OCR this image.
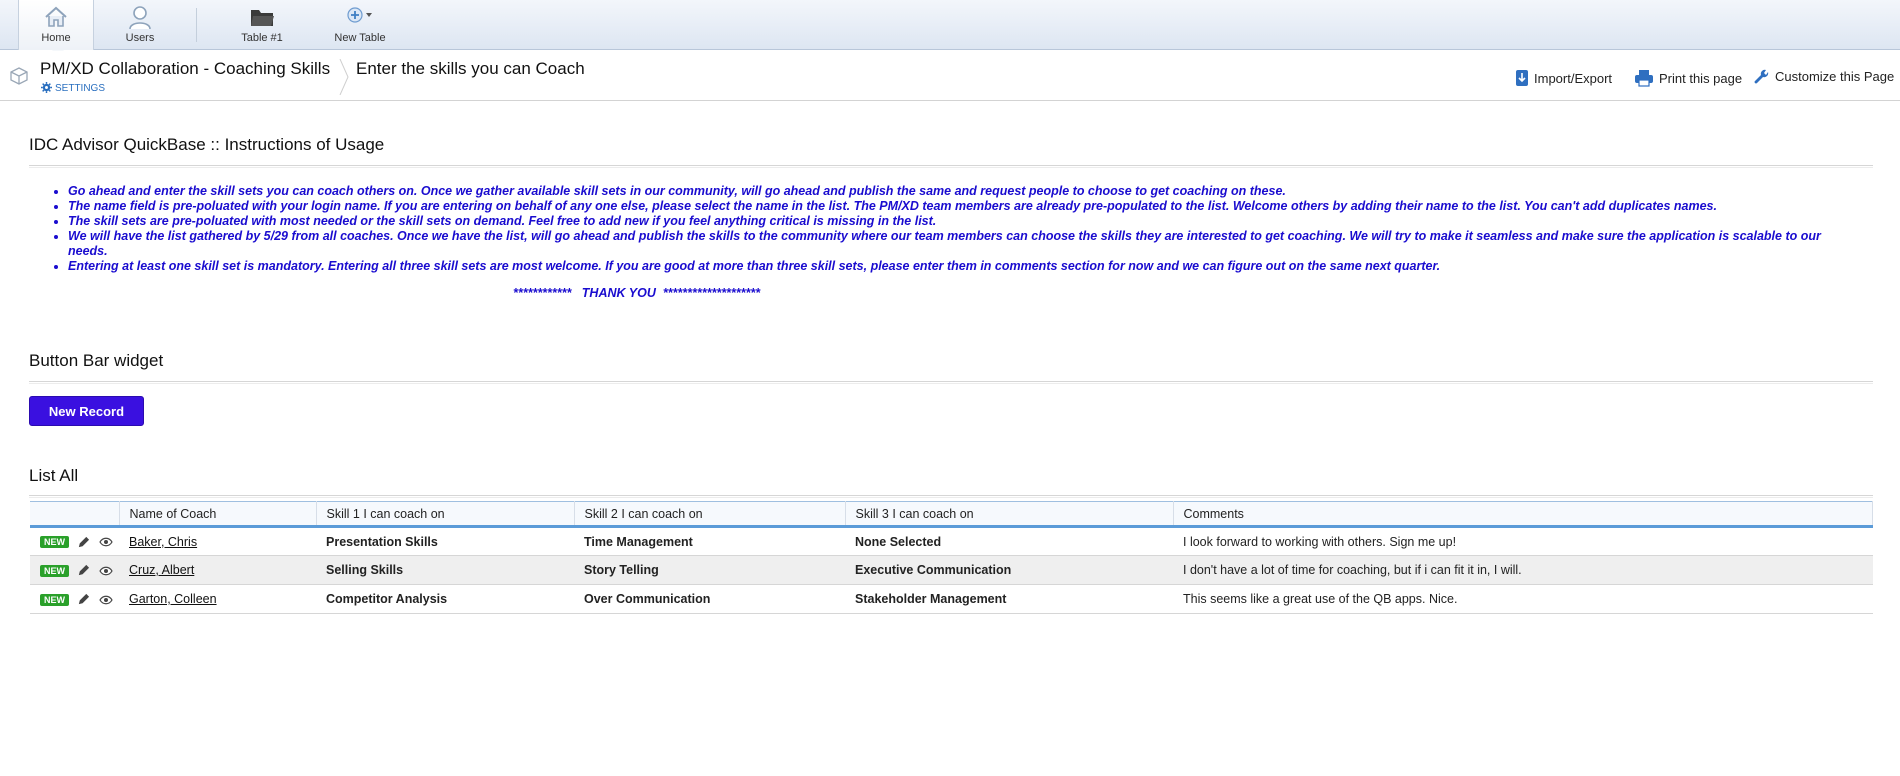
Home	Users	Table #1	New Table
PM/XD Collaboration - Coaching Skills
SETTINGS
Enter the skills you can Coach
Import/Export	Print this page	Customize this Page
IDC Advisor QuickBase :: Instructions of Usage
• Go ahead and enter the skill sets you can coach others on. Once we gather available skill sets in our community, will go ahead and publish the same and request people to choose to get coaching on these.
• The name field is pre-poluated with your login name. If you are entering on behalf of any one else, please select the name in the list. The PM/XD team members are already pre-populated to the list. Welcome others by adding their name to the list. You can't add duplicates names.
• The skill sets are pre-poluated with most needed or the skill sets on demand. Feel free to add new if you feel anything critical is missing in the list.
• We will have the list gathered by 5/29 from all coaches. Once we have the list, will go ahead and publish the skills to the community where our team members can choose the skills they are interested to get coaching. We will try to make it seamless and make sure the application is scalable to our needs.
• Entering at least one skill set is mandatory. Entering all three skill sets are most welcome. If you are good at more than three skill sets, please enter them in comments section for now and we can figure out on the same next quarter.
************   THANK YOU  ********************
Button Bar widget
New Record
List All
	Name of Coach	Skill 1 I can coach on	Skill 2 I can coach on	Skill 3 I can coach on	Comments
NEW	Baker, Chris	Presentation Skills	Time Management	None Selected	I look forward to working with others. Sign me up!
NEW	Cruz, Albert	Selling Skills	Story Telling	Executive Communication	I don't have a lot of time for coaching, but if i can fit it in, I will.
NEW	Garton, Colleen	Competitor Analysis	Over Communication	Stakeholder Management	This seems like a great use of the QB apps. Nice.
